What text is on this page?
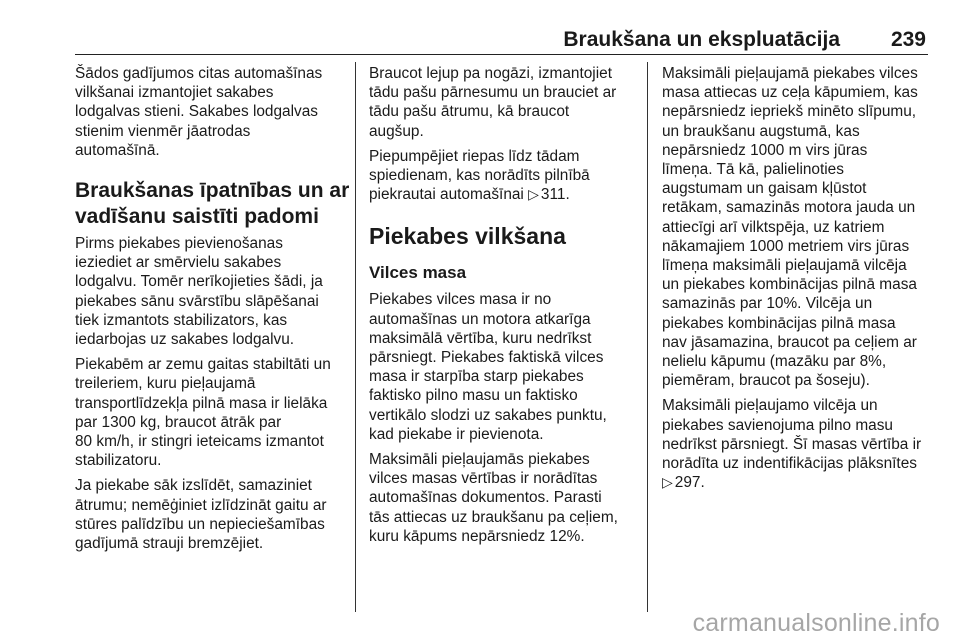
Braukšana un ekspluatācija 239

Šādos gadījumos citas automašīnas
vilkšanai izmantojiet sakabes
lodgalvas stieni. Sakabes lodgalvas
stienim vienmēr jāatrodas
automašīnā.

Braukšanas īpatnības un ar
vadīšanu saistīti padomi

Pirms piekabes pievienošanas
ieziediet ar smērvielu sakabes
lodgalvu. Tomēr nerīkojieties šādi, ja
piekabes sānu svārstību slāpēšanai
tiek izmantots stabilizators, kas
iedarbojas uz sakabes lodgalvu.

Piekabēm ar zemu gaitas stabiltāti un
treileriem, kuru pieļaujamā
transportlīdzekļa pilnā masa ir lielāka
par 1300 kg, braucot ātrāk par
80 km/h, ir stingri ieteicams izmantot
stabilizatoru.

Ja piekabe sāk izslīdēt, samaziniet
ātrumu; nemēģiniet izlīdzināt gaitu ar
stūres palīdzību un nepieciešamības
gadījumā strauji bremzējiet.

Braucot lejup pa nogāzi, izmantojiet
tādu pašu pārnesumu un brauciet ar
tādu pašu ātrumu, kā braucot
augšup.

Piepumpējiet riepas līdz tādam
spiedienam, kas norādīts pilnībā
piekrautai automašīnai ▷ 311.

Piekabes vilkšana
Vilces masa

Piekabes vilces masa ir no
automašīnas un motora atkarīga
maksimālā vērtība, kuru nedrīkst
pārsniegt. Piekabes faktiskā vilces
masa ir starpība starp piekabes
faktisko pilno masu un faktisko
vertikālo slodzi uz sakabes punktu,
kad piekabe ir pievienota.

Maksimāli pieļaujamās piekabes
vilces masas vērtības ir norādītas
automašīnas dokumentos. Parasti
tās attiecas uz braukšanu pa ceļiem,
kuru kāpums nepārsniedz 12%.

Maksimāli pieļaujamā piekabes vilces
masa attiecas uz ceļa kāpumiem, kas
nepārsniedz iepriekš minēto slīpumu,
un braukšanu augstumā, kas
nepārsniedz 1000 m virs jūras
līmeņa. Tā kā, palielinoties
augstumam un gaisam kļūstot
retākam, samazinās motora jauda un
attiecīgi arī vilktspēja, uz katriem
nākamajiem 1000 metriem virs jūras
līmeņa maksimāli pieļaujamā vilcēja
un piekabes kombinācijas pilnā masa
samazinās par 10%. Vilcēja un
piekabes kombinācijas pilnā masa
nav jāsamazina, braucot pa ceļiem ar
nelielu kāpumu (mazāku par 8%,
piemēram, braucot pa šoseju).

Maksimāli pieļaujamo vilcēja un
piekabes savienojuma pilno masu
nedrīkst pārsniegt. Šī masas vērtība ir
norādīta uz indentifikācijas plāksnītes
▷ 297.

carmanualsonline.info
